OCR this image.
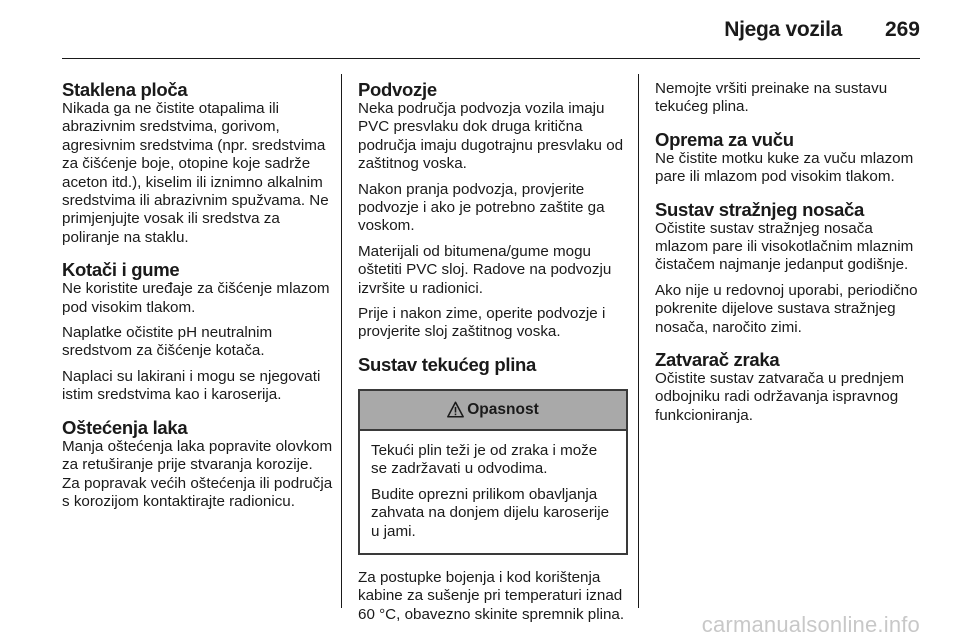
Njega vozila 269
Staklena ploča

Nikada ga ne čistite otapalima ili abrazivnim sredstvima, gorivom, agresivnim sredstvima (npr. sredstvima za čišćenje boje, otopine koje sadrže aceton itd.), kiselim ili iznimno alkalnim sredstvima ili abrazivnim spužvama. Ne primjenjujte vosak ili sredstva za poliranje na staklu.

Kotači i gume

Ne koristite uređaje za čišćenje mlazom pod visokim tlakom.

Naplatke očistite pH neutralnim sredstvom za čišćenje kotača.

Naplaci su lakirani i mogu se njegovati istim sredstvima kao i karoserija.

Oštećenja laka

Manja oštećenja laka popravite olovkom za retuširanje prije stvaranja korozije. Za popravak većih oštećenja ili područja s korozijom kontaktirajte radionicu.

Podvozje

Neka područja podvozja vozila imaju PVC presvlaku dok druga kritična područja imaju dugotrajnu presvlaku od zaštitnog voska.

Nakon pranja podvozja, provjerite podvozje i ako je potrebno zaštite ga voskom.

Materijali od bitumena/gume mogu oštetiti PVC sloj. Radove na podvozju izvršite u radionici.

Prije i nakon zime, operite podvozje i provjerite sloj zaštitnog voska.

Sustav tekućeg plina
Opasnost

Tekući plin teži je od zraka i može se zadržavati u odvodima.

Budite oprezni prilikom obavljanja zahvata na donjem dijelu karoserije u jami.

Za postupke bojenja i kod korištenja kabine za sušenje pri temperaturi iznad 60 °C, obavezno skinite spremnik plina.

Nemojte vršiti preinake na sustavu tekućeg plina.

Oprema za vuču

Ne čistite motku kuke za vuču mlazom pare ili mlazom pod visokim tlakom.

Sustav stražnjeg nosača

Očistite sustav stražnjeg nosača mlazom pare ili visokotlačnim mlaznim čistačem najmanje jedanput godišnje.

Ako nije u redovnoj uporabi, periodično pokrenite dijelove sustava stražnjeg nosača, naročito zimi.

Zatvarač zraka

Očistite sustav zatvarača u prednjem odbojniku radi održavanja ispravnog funkcioniranja.

carmanualsonline.info
